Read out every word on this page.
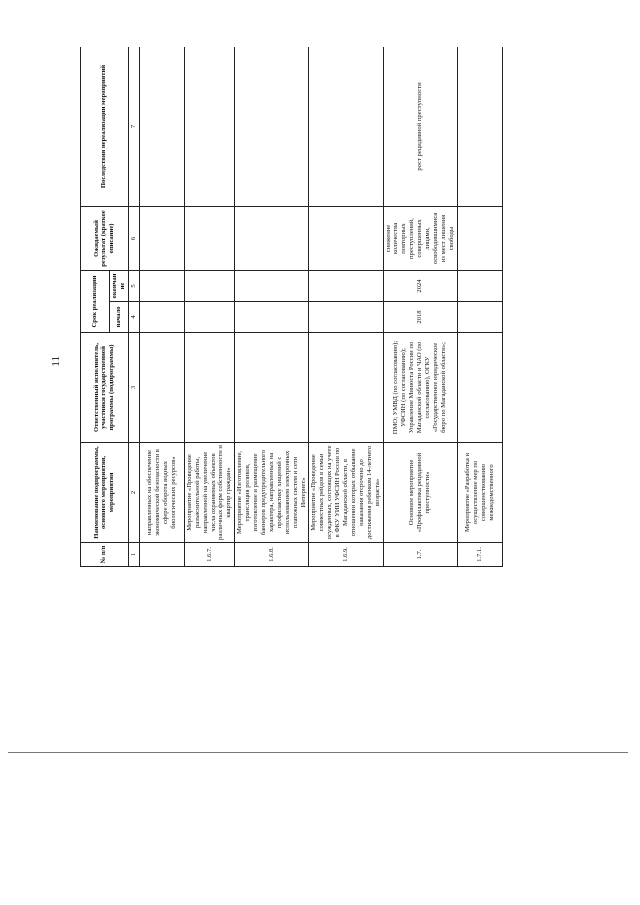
11
№ п/п	Наименование подпрограммы, основного мероприятия, мероприятия	Ответственный исполнитель, участники государственной программы (подпрограммы)	Срок реализации		Ожидаемый результат (краткое описание)	Последствия нереализации мероприятий
			начало	окончание		
1	2	3	4	5	6	7
	направленных на обеспечение экономической безопасности в сфере оборота водных биологических ресурсов»					
1.6.7.	Мероприятие «Проведение разъяснительной работы, направленной на увеличение числа охраняемых объектов различных форм собственности и квартир граждан»					
1.6.8.	Мероприятие «Изготовление, трансляция роликов, изготовление и размещение баннеров предупредительного характера, направленных на профилактику хищений с использованием электронных платежных систем и сети Интернет»					
1.6.9.	Мероприятие «Проведение совместных рейдов в семьи осужденных, состоящих на учете в ФКУ УИИ УФСИН России по Магаданской области, в отношении которых отбывание наказания отсрочено до достижения ребенком 14-летнего возраста»					
1.7.	Основное мероприятие «Профилактика рецидивной преступности»	ПМО; УМВД (по согласованию); УФСИН (по согласованию); Управление Минюста России по Магаданской области и ЧАО (по согласованию), ОГКУ «Государственное юридическое бюро по Магаданской области»;	2018	2024	снижение количества повторных преступлений, совершенных лицами, освободившимися из мест лишения свободы	рост рецидивной преступности
1.7.1.	Мероприятие «Разработка и осуществление мер по совершенствованию межведомственного					
